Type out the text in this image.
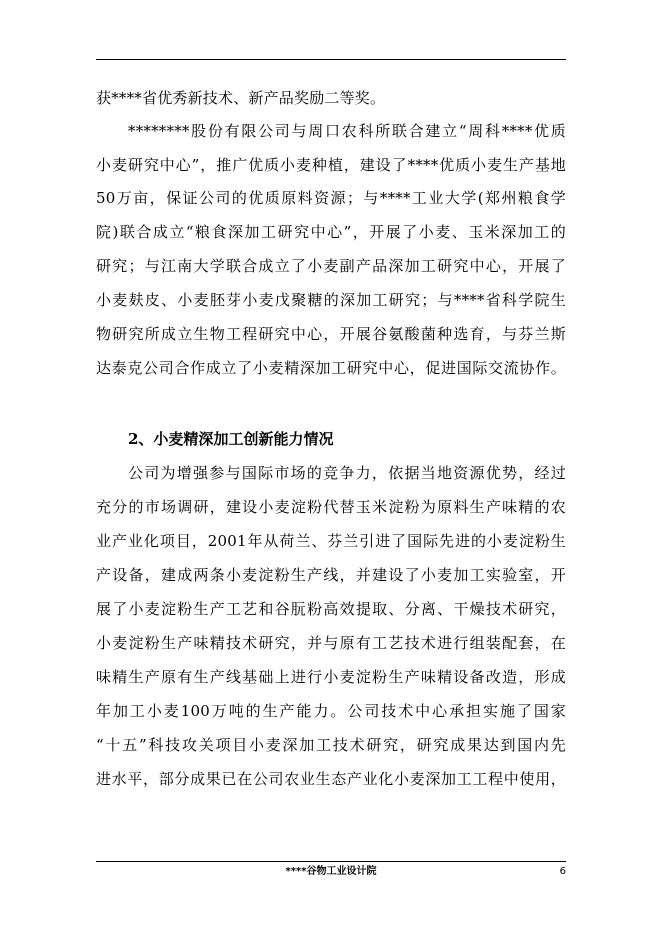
获****省优秀新技术、新产品奖励二等奖。
********股份有限公司与周口农科所联合建立“周科****优质
小麦研究中心”，推广优质小麦种植，建设了****优质小麦生产基地
50万亩，保证公司的优质原料资源；与****工业大学(郑州粮食学
院)联合成立“粮食深加工研究中心”，开展了小麦、玉米深加工的
研究；与江南大学联合成立了小麦副产品深加工研究中心，开展了
小麦麸皮、小麦胚芽小麦戊聚糖的深加工研究；与****省科学院生
物研究所成立生物工程研究中心，开展谷氨酸菌种选育，与芬兰斯
达泰克公司合作成立了小麦精深加工研究中心，促进国际交流协作。
2、小麦精深加工创新能力情况
公司为增强参与国际市场的竞争力，依据当地资源优势，经过
充分的市场调研，建设小麦淀粉代替玉米淀粉为原料生产味精的农
业产业化项目，2001年从荷兰、芬兰引进了国际先进的小麦淀粉生
产设备，建成两条小麦淀粉生产线，并建设了小麦加工实验室，开
展了小麦淀粉生产工艺和谷朊粉高效提取、分离、干燥技术研究，
小麦淀粉生产味精技术研究，并与原有工艺技术进行组装配套，在
味精生产原有生产线基础上进行小麦淀粉生产味精设备改造，形成
年加工小麦100万吨的生产能力。公司技术中心承担实施了国家
“十五”科技攻关项目小麦深加工技术研究，研究成果达到国内先
进水平，部分成果已在公司农业生态产业化小麦深加工工程中使用，
****谷物工业设计院	6
